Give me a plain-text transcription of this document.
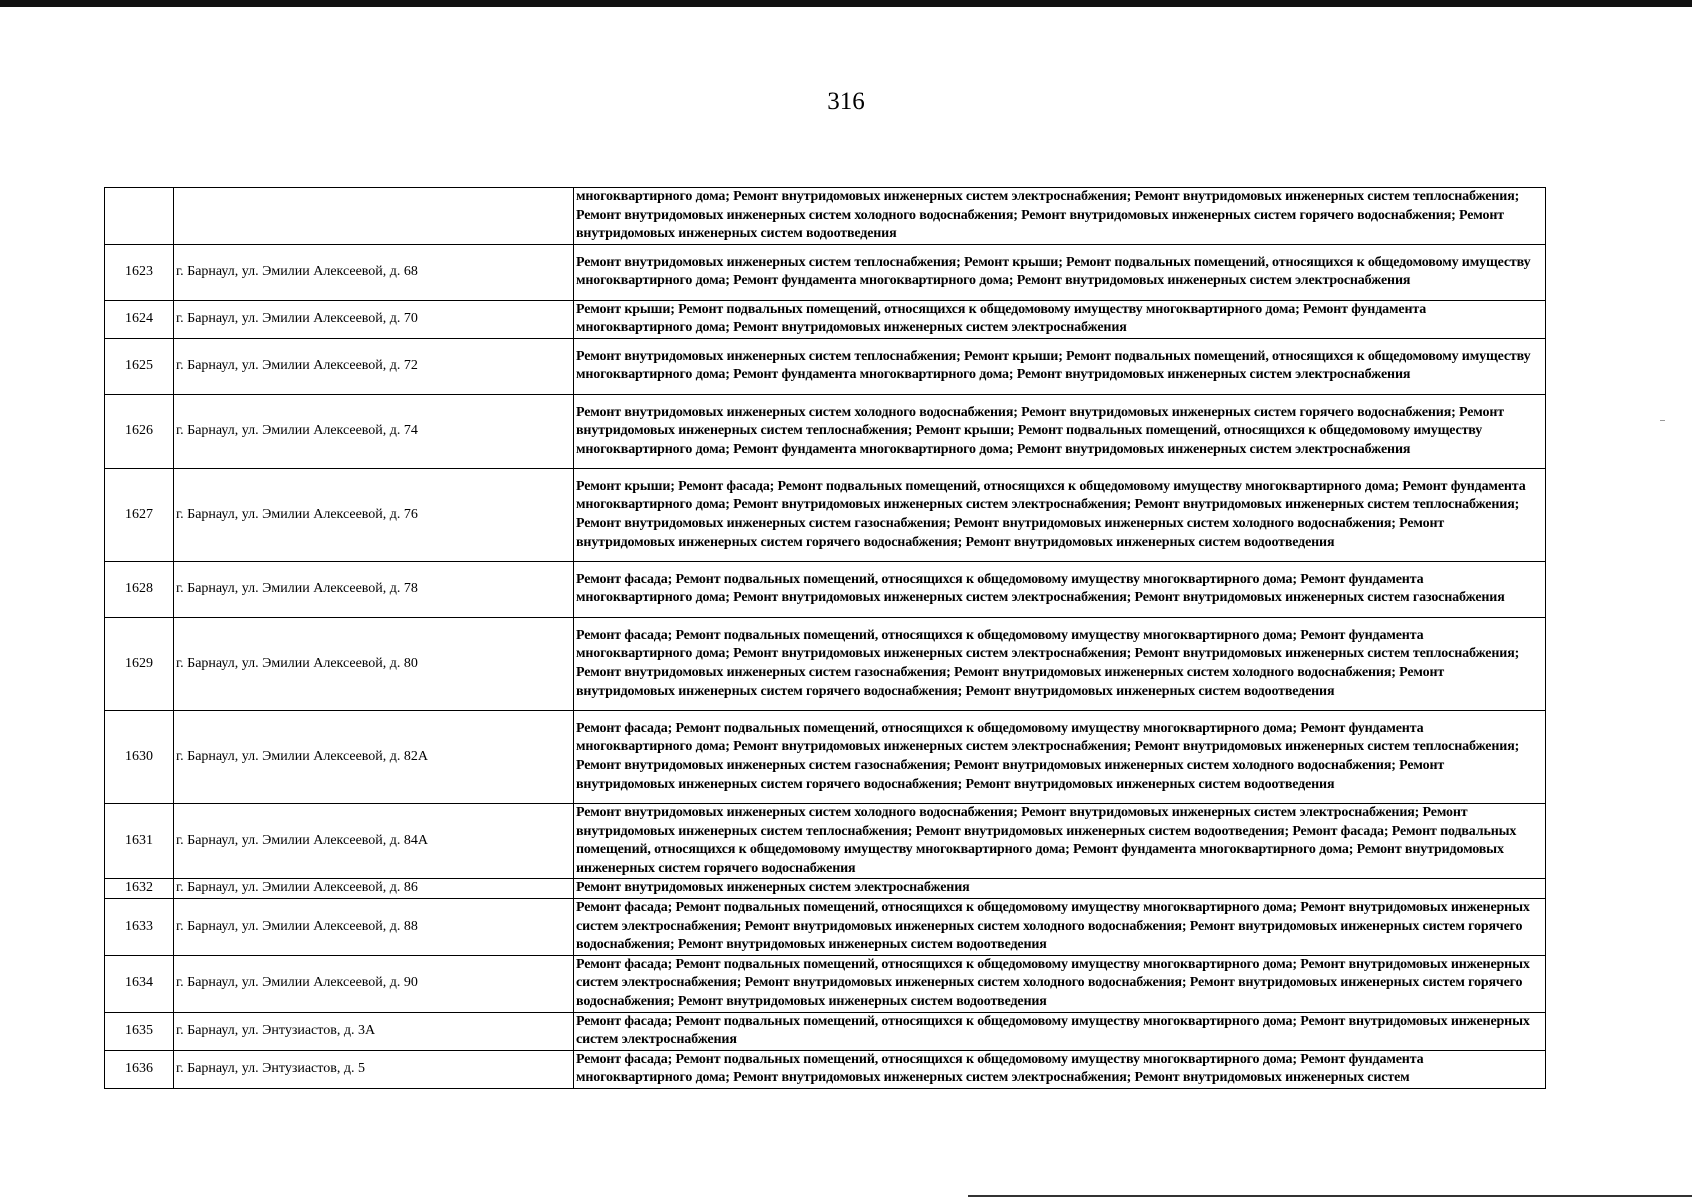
316
		многоквартирного дома; Ремонт внутридомовых инженерных систем электроснабжения; Ремонт внутридомовых инженерных систем теплоснабжения; Ремонт внутридомовых инженерных систем холодного водоснабжения; Ремонт внутридомовых инженерных систем горячего водоснабжения; Ремонт внутридомовых инженерных систем водоотведения
1623	г. Барнаул, ул. Эмилии Алексеевой, д. 68	Ремонт внутридомовых инженерных систем теплоснабжения; Ремонт крыши; Ремонт подвальных помещений, относящихся к общедомовому имуществу многоквартирного дома; Ремонт фундамента многоквартирного дома; Ремонт внутридомовых инженерных систем электроснабжения
1624	г. Барнаул, ул. Эмилии Алексеевой, д. 70	Ремонт крыши; Ремонт подвальных помещений, относящихся к общедомовому имуществу многоквартирного дома; Ремонт фундамента многоквартирного дома; Ремонт внутридомовых инженерных систем электроснабжения
1625	г. Барнаул, ул. Эмилии Алексеевой, д. 72	Ремонт внутридомовых инженерных систем теплоснабжения; Ремонт крыши; Ремонт подвальных помещений, относящихся к общедомовому имуществу многоквартирного дома; Ремонт фундамента многоквартирного дома; Ремонт внутридомовых инженерных систем электроснабжения
1626	г. Барнаул, ул. Эмилии Алексеевой, д. 74	Ремонт внутридомовых инженерных систем холодного водоснабжения; Ремонт внутридомовых инженерных систем горячего водоснабжения; Ремонт внутридомовых инженерных систем теплоснабжения; Ремонт крыши; Ремонт подвальных помещений, относящихся к общедомовому имуществу многоквартирного дома; Ремонт фундамента многоквартирного дома; Ремонт внутридомовых инженерных систем электроснабжения
1627	г. Барнаул, ул. Эмилии Алексеевой, д. 76	Ремонт крыши; Ремонт фасада; Ремонт подвальных помещений, относящихся к общедомовому имуществу многоквартирного дома; Ремонт фундамента многоквартирного дома; Ремонт внутридомовых инженерных систем электроснабжения; Ремонт внутридомовых инженерных систем теплоснабжения; Ремонт внутридомовых инженерных систем газоснабжения; Ремонт внутридомовых инженерных систем холодного водоснабжения; Ремонт внутридомовых инженерных систем горячего водоснабжения; Ремонт внутридомовых инженерных систем водоотведения
1628	г. Барнаул, ул. Эмилии Алексеевой, д. 78	Ремонт фасада; Ремонт подвальных помещений, относящихся к общедомовому имуществу многоквартирного дома; Ремонт фундамента многоквартирного дома; Ремонт внутридомовых инженерных систем электроснабжения; Ремонт внутридомовых инженерных систем газоснабжения
1629	г. Барнаул, ул. Эмилии Алексеевой, д. 80	Ремонт фасада; Ремонт подвальных помещений, относящихся к общедомовому имуществу многоквартирного дома; Ремонт фундамента многоквартирного дома; Ремонт внутридомовых инженерных систем электроснабжения; Ремонт внутридомовых инженерных систем теплоснабжения; Ремонт внутридомовых инженерных систем газоснабжения; Ремонт внутридомовых инженерных систем холодного водоснабжения; Ремонт внутридомовых инженерных систем горячего водоснабжения; Ремонт внутридомовых инженерных систем водоотведения
1630	г. Барнаул, ул. Эмилии Алексеевой, д. 82А	Ремонт фасада; Ремонт подвальных помещений, относящихся к общедомовому имуществу многоквартирного дома; Ремонт фундамента многоквартирного дома; Ремонт внутридомовых инженерных систем электроснабжения; Ремонт внутридомовых инженерных систем теплоснабжения; Ремонт внутридомовых инженерных систем газоснабжения; Ремонт внутридомовых инженерных систем холодного водоснабжения; Ремонт внутридомовых инженерных систем горячего водоснабжения; Ремонт внутридомовых инженерных систем водоотведения
1631	г. Барнаул, ул. Эмилии Алексеевой, д. 84А	Ремонт внутридомовых инженерных систем холодного водоснабжения; Ремонт внутридомовых инженерных систем электроснабжения; Ремонт внутридомовых инженерных систем теплоснабжения; Ремонт внутридомовых инженерных систем водоотведения; Ремонт фасада; Ремонт подвальных помещений, относящихся к общедомовому имуществу многоквартирного дома; Ремонт фундамента многоквартирного дома; Ремонт внутридомовых инженерных систем горячего водоснабжения
1632	г. Барнаул, ул. Эмилии Алексеевой, д. 86	Ремонт внутридомовых инженерных систем электроснабжения
1633	г. Барнаул, ул. Эмилии Алексеевой, д. 88	Ремонт фасада; Ремонт подвальных помещений, относящихся к общедомовому имуществу многоквартирного дома; Ремонт внутридомовых инженерных систем электроснабжения; Ремонт внутридомовых инженерных систем холодного водоснабжения; Ремонт внутридомовых инженерных систем горячего водоснабжения; Ремонт внутридомовых инженерных систем водоотведения
1634	г. Барнаул, ул. Эмилии Алексеевой, д. 90	Ремонт фасада; Ремонт подвальных помещений, относящихся к общедомовому имуществу многоквартирного дома; Ремонт внутридомовых инженерных систем электроснабжения; Ремонт внутридомовых инженерных систем холодного водоснабжения; Ремонт внутридомовых инженерных систем горячего водоснабжения; Ремонт внутридомовых инженерных систем водоотведения
1635	г. Барнаул, ул. Энтузиастов, д. 3А	Ремонт фасада; Ремонт подвальных помещений, относящихся к общедомовому имуществу многоквартирного дома; Ремонт внутридомовых инженерных систем электроснабжения
1636	г. Барнаул, ул. Энтузиастов, д. 5	Ремонт фасада; Ремонт подвальных помещений, относящихся к общедомовому имуществу многоквартирного дома; Ремонт фундамента многоквартирного дома; Ремонт внутридомовых инженерных систем электроснабжения; Ремонт внутридомовых инженерных систем
